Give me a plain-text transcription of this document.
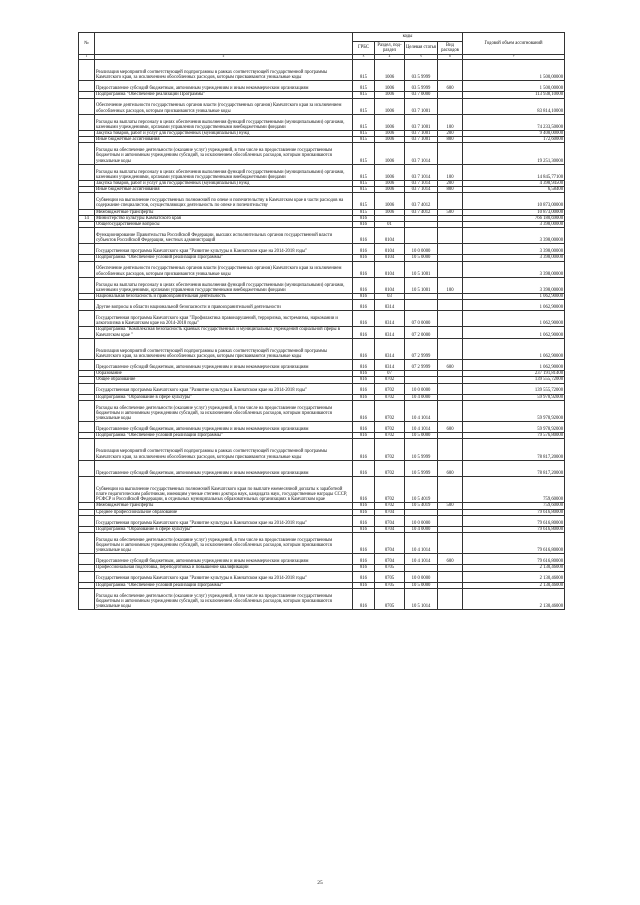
№		коды				Годовой объем ассигнований
		ГРБС	Раздел, под-раздел	Целевая статья	Вид расходов	
1	2	3	4	5	6	7
	Реализация мероприятий соответствующей подпрограммы в рамках соответствующей государственной программы Камчатского края, за исключением обособленных расходов, которым присваиваются уникальные коды	815	1006	03 5 9999		1 500,00000
	Предоставление субсидий бюджетным, автономным учреждениям и иным некоммерческим организациям	815	1006	03 5 9999	600	1 500,00000
	Подпрограмма "Обеспечение реализации Программы"	815	1006	03 7 0000		113 938,10000
	Обеспечение деятельности государственных органов власти (государственных органов) Камчатского края за исключением обособленных расходов, которым присваиваются уникальные коды	815	1006	03 7 1001		83 814,10000
	Расходы на выплаты персоналу в целях обеспечения выполнения функций государственными (муниципальными) органами, казенными учреждениями, органами управления государственными внебюджетными фондами	815	1006	03 7 1001	100	74 233,50000
	Закупка товаров, работ и услуг для государственных (муниципальных) нужд	815	1006	03 7 1001	200	9 408,00000
	Иные бюджетные ассигнования	815	1006	03 7 1001	800	172,60000
	Расходы на обеспечение деятельности (оказание услуг) учреждений, в том числе на предоставление государственным бюджетным и автономным учреждениям субсидий, за исключением обособленных расходов, которым присваиваются уникальные коды	815	1006	03 7 1014		19 251,30000
	Расходы на выплаты персоналу в целях обеспечения выполнения функций государственными (муниципальными) органами, казенными учреждениями, органами управления государственными внебюджетными фондами	815	1006	03 7 1014	100	14 845,77100
	Закупка товаров, работ и услуг для государственных (муниципальных) нужд	815	1006	03 7 1014	200	4 398,94500
	Иные бюджетные ассигнования	815	1006	03 7 1014	800	6,58400
	Субвенции на выполнение государственных полномочий по опеке и попечительству в Камчатском крае в части расходов на содержание специалистов, осуществляющих деятельность по опеке и попечительству	815	1006	03 7 4012		10 873,00000
	Межбюджетные трансферты	815	1006	03 7 4012	500	10 873,00000
14	Министерство культуры Камчатского края	816				766 180,69000
	Общегосударственные вопросы	816	01			3 398,00000
	Функционирование Правительства Российской Федерации, высших исполнительных органов государственной власти субъектов Российской Федерации, местных администраций	816	0104			3 398,00000
	Государственная программа Камчатского края "Развитие культуры в Камчатском крае на 2014-2018 годы"	816	0104	10 0 0000		3 398,00000
	Подпрограмма "Обеспечение условий реализации Программы"	816	0104	10 5 0000		3 398,00000
	Обеспечение деятельности государственных органов власти (государственных органов) Камчатского края за исключением обособленных расходов, которым присваиваются уникальные коды	816	0104	10 5 1001		3 398,00000
	Расходы на выплаты персоналу в целях обеспечения выполнения функций государственными (муниципальными) органами, казенными учреждениями, органами управления государственными внебюджетными фондами	816	0104	10 5 1001	100	3 398,00000
	Национальная безопасность и правоохранительная деятельность	816	03			1 062,90000
	Другие вопросы в области национальной безопасности и правоохранительной деятельности	816	0314			1 062,90000
	Государственная программа Камчатского края "Профилактика правонарушений, терроризма, экстремизма, наркомании и алкоголизма в Камчатском крае на 2014-2018 годы"	816	0314	07 0 0000		1 062,90000
	Подпрограмма "Комплексная безопасность краевых государственных и муниципальных учреждений социальной сферы в Камчатском крае "	816	0314	07 2 0000		1 062,90000
	Реализация мероприятий соответствующей подпрограммы в рамках соответствующей государственной программы Камчатского края, за исключением обособленных расходов, которым присваиваются уникальные коды	816	0314	07 2 9999		1 062,90000
	Предоставление субсидий бюджетным, автономным учреждениям и иным некоммерческим организациям	816	0314	07 2 9999	600	1 062,90000
	Образование	816	07			237 191,81400
	Общее образование	816	0702			139 555,72000
	Государственная программа Камчатского края "Развитие культуры в Камчатском крае на 2014-2018 годы"	816	0702	10 0 0000		139 555,72000
	Подпрограмма "Образование в сфере культуры"	816	0702	10 4 0000		59 978,92000
	Расходы на обеспечение деятельности (оказание услуг) учреждений, в том числе на предоставление государственным бюджетным и автономным учреждениям субсидий, за исключением обособленных расходов, которым присваиваются уникальные коды	816	0702	10 4 1014		59 978,92000
	Предоставление субсидий бюджетным, автономным учреждениям и иным некоммерческим организациям	816	0702	10 4 1014	600	59 978,92000
	Подпрограмма "Обеспечение условий реализации Программы"	816	0702	10 5 0000		79 576,80000
	Реализация мероприятий соответствующей подпрограммы в рамках соответствующей государственной программы Камчатского края, за исключением обособленных расходов, которым присваиваются уникальные коды	816	0702	10 5 9999		78 817,20000
	Предоставление субсидий бюджетным, автономным учреждениям и иным некоммерческим организациям	816	0702	10 5 9999	600	78 817,20000
	Субвенции на выполнение государственных полномочий Камчатского края по выплате ежемесячной доплаты к заработной плате педагогическим работникам, имеющим ученые степени доктора наук, кандидата наук, государственные награды СССР, РСФСР и Российской Федерации, в отдельных муниципальных образовательных организациях в Камчатском крае	816	0702	10 5 4019		759,60000
	Межбюджетные трансферты	816	0702	10 5 4019	500	759,60000
	Среднее профессиональное образование	816	0704			79 616,80000
	Государственная программа Камчатского края "Развитие культуры в Камчатском крае на 2014-2018 годы"	816	0704	10 0 0000		79 616,80000
	Подпрограмма "Образование в сфере культуры"	816	0704	10 4 0000		79 616,80000
	Расходы на обеспечение деятельности (оказание услуг) учреждений, в том числе на предоставление государственным бюджетным и автономным учреждениям субсидий, за исключением обособленных расходов, которым присваиваются уникальные коды	816	0704	10 4 1014		79 616,80000
	Предоставление субсидий бюджетным, автономным учреждениям и иным некоммерческим организациям	816	0704	10 4 1014	600	79 616,80000
	Профессиональная подготовка, переподготовка и повышение квалификации	816	0705			2 130,46000
	Государственная программа Камчатского края "Развитие культуры в Камчатском крае на 2014-2018 годы"	816	0705	10 0 0000		2 130,46000
	Подпрограмма "Обеспечение условий реализации Программы"	816	0705	10 5 0000		2 130,46000
	Расходы на обеспечение деятельности (оказание услуг) учреждений, в том числе на предоставление государственным бюджетным и автономным учреждениям субсидий, за исключением обособленных расходов, которым присваиваются уникальные коды	816	0705	10 5 1014		2 130,46000
25
